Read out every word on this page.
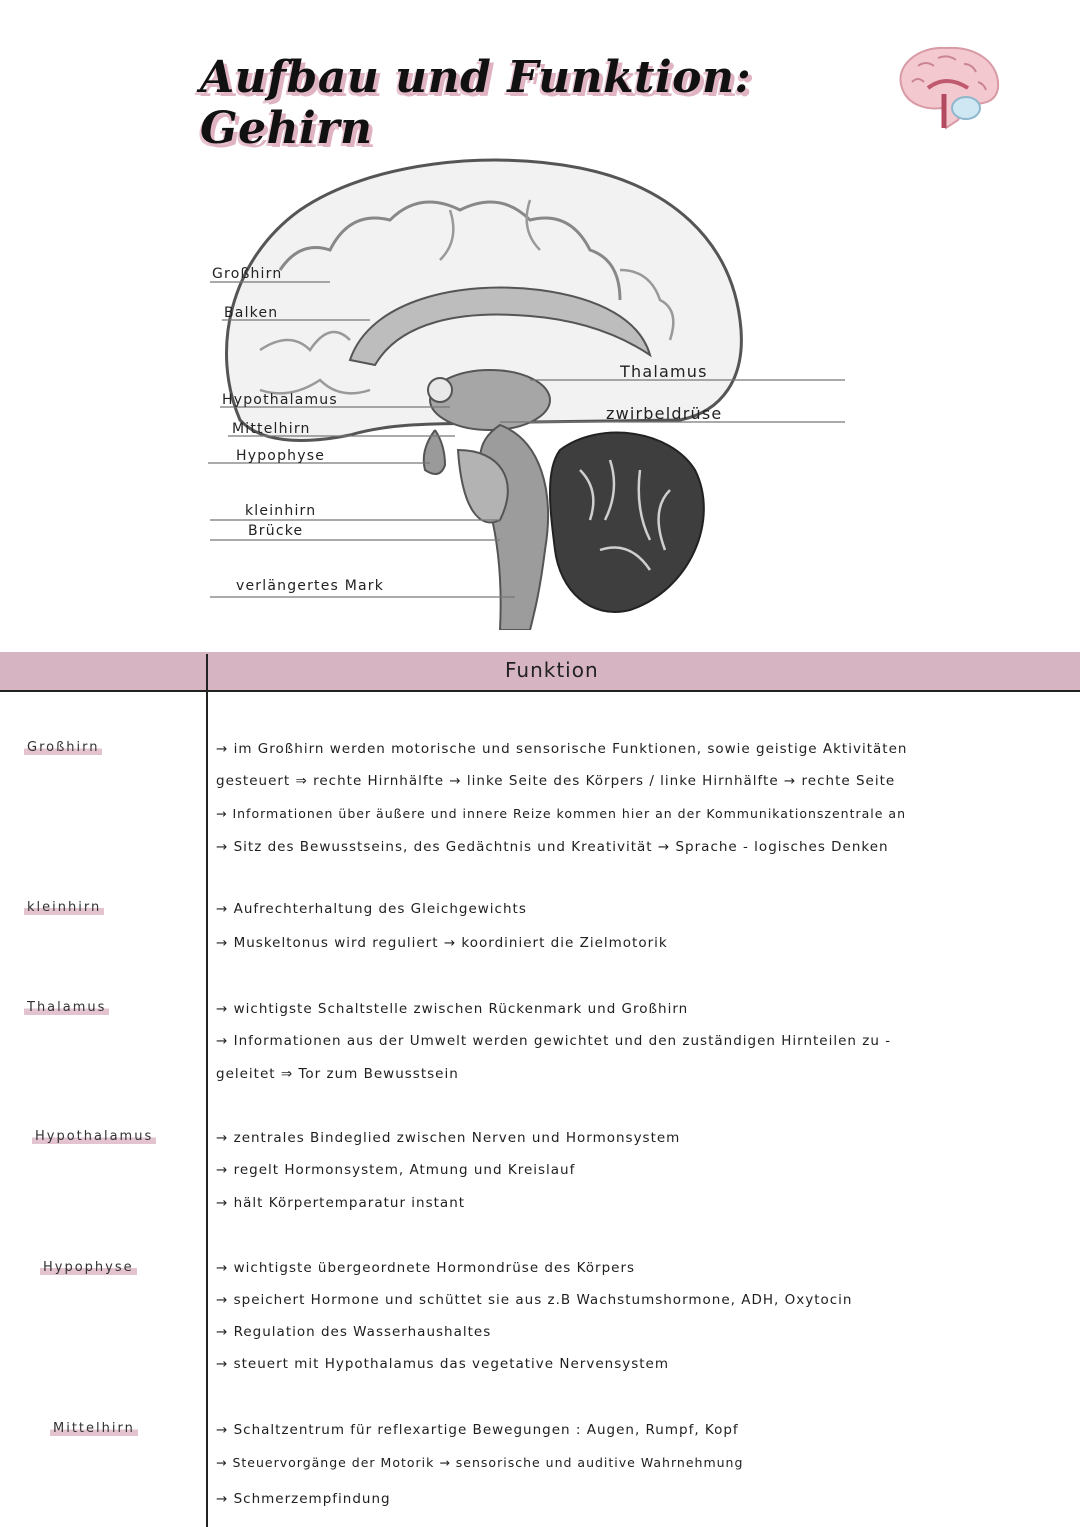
Aufbau und Funktion: Gehirn
Großhirn
Balken
Hypothalamus
Mittelhirn
Hypophyse
kleinhirn
Brücke
verlängertes Mark
Thalamus
zwirbeldrüse
Funktion
Großhirn	→ im Großhirn werden motorische und sensorische Funktionen, sowie geistige Aktivitäten
gesteuert ⇒ rechte Hirnhälfte → linke Seite des Körpers / linke Hirnhälfte → rechte Seite
→ Informationen über äußere und innere Reize kommen hier an der Kommunikationszentrale an
→ Sitz des Bewusstseins, des Gedächtnis und Kreativität → Sprache - logisches Denken
kleinhirn	→ Aufrechterhaltung des Gleichgewichts
→ Muskeltonus wird reguliert → koordiniert die Zielmotorik
Thalamus	→ wichtigste Schaltstelle zwischen Rückenmark und Großhirn
→ Informationen aus der Umwelt werden gewichtet und den zuständigen Hirnteilen zu -
geleitet ⇒ Tor zum Bewusstsein
Hypothalamus	→ zentrales Bindeglied zwischen Nerven und Hormonsystem
→ regelt Hormonsystem, Atmung und Kreislauf
→ hält Körpertemparatur instant
Hypophyse	→ wichtigste übergeordnete Hormondrüse des Körpers
→ speichert Hormone und schüttet sie aus z.B Wachstumshormone, ADH, Oxytocin
→ Regulation des Wasserhaushaltes
→ steuert mit Hypothalamus das vegetative Nervensystem
Mittelhirn	→ Schaltzentrum für reflexartige Bewegungen : Augen, Rumpf, Kopf
→ Steuervorgänge der Motorik → sensorische und auditive Wahrnehmung
→ Schmerzempfindung
